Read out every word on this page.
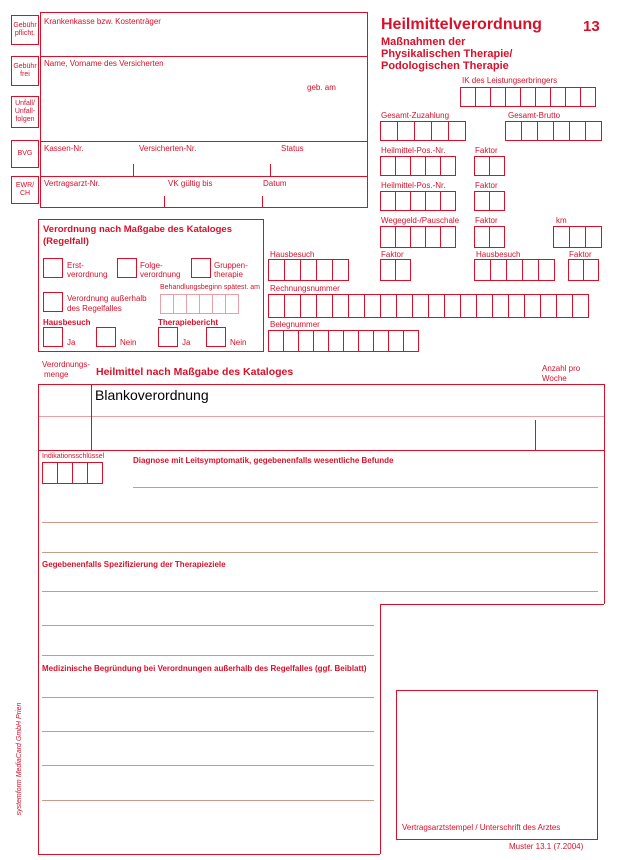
Gebühr pflicht.
Gebühr frei
Unfall/ Unfall- folgen
BVG
EWR/ CH
Krankenkasse bzw. Kostenträger
Name, Vorname des Versicherten
geb. am
Kassen-Nr.	Versicherten-Nr.	Status
Vertragsarzt-Nr.	VK gültig bis	Datum
Heilmittelverordnung	13
Maßnahmen der
Physikalischen Therapie/
Podologischen Therapie
IK des Leistungserbringers
Gesamt-Zuzahlung	Gesamt-Brutto
Heilmittel-Pos.-Nr.	Faktor
Heilmittel-Pos.-Nr.	Faktor
Wegegeld-/Pauschale Faktor	km
Hausbesuch	Faktor	Hausbesuch	Faktor
Rechnungsnummer
Belegnummer
Verordnung nach Maßgabe des Kataloges
(Regelfall)
Erst-
verordnung
Folge-
verordnung
Gruppen-
therapie
Verordnung außerhalb
des Regelfalles
Behandlungsbeginn spätest. am
Hausbesuch
Ja	Nein
Therapiebericht
Ja	Nein
Verordnungs-
menge	Heilmittel nach Maßgabe des Kataloges	Anzahl pro
Woche
Blankoverordnung
Indikationsschlüssel	Diagnose mit Leitsymptomatik, gegebenenfalls wesentliche Befunde
Gegebenenfalls Spezifizierung der Therapieziele
Medizinische Begründung bei Verordnungen außerhalb des Regelfalles (ggf. Beiblatt)
Vertragsarztstempel / Unterschrift des Arztes
Muster 13.1 (7.2004)
systemform MediaCard GmbH Prien
